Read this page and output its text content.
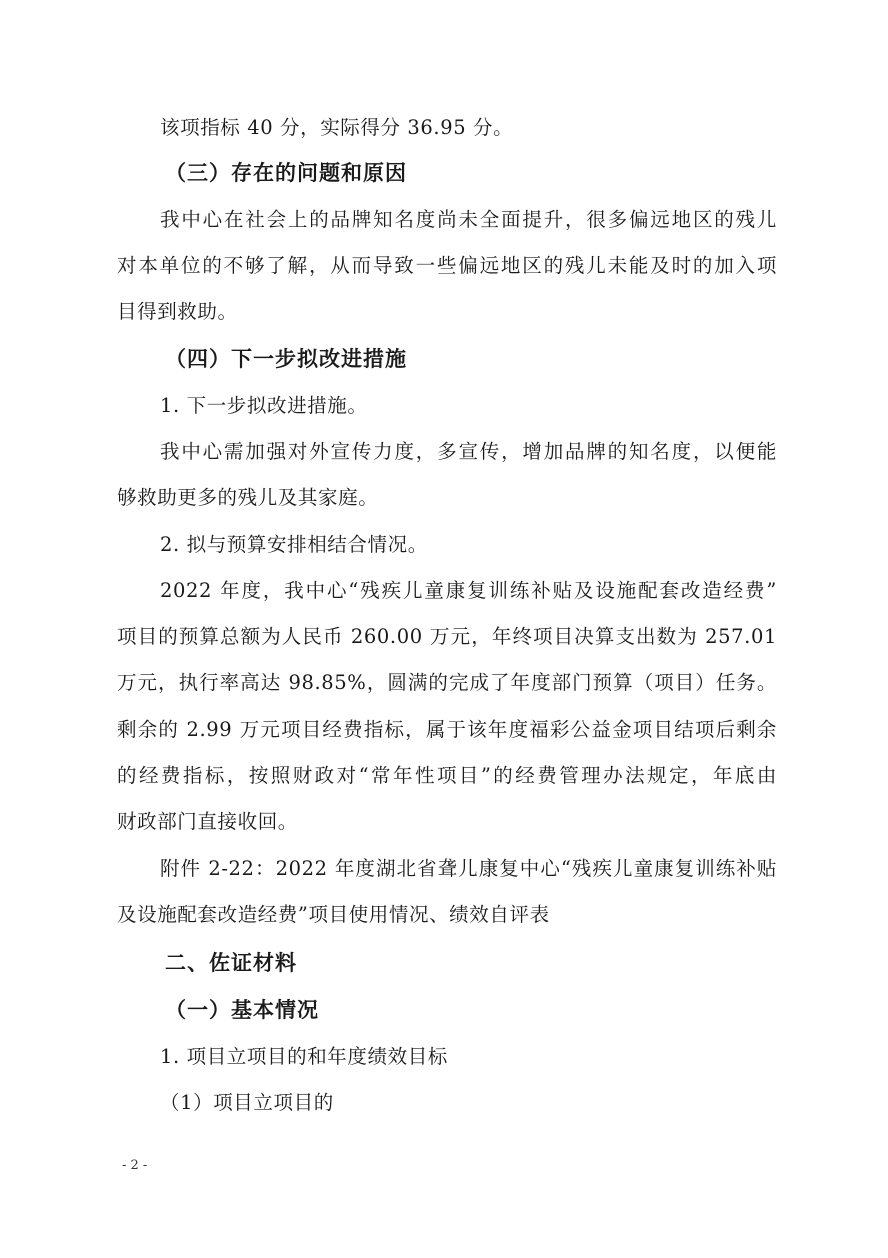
该项指标 40 分，实际得分 36.95 分。
（三）存在的问题和原因
我中心在社会上的品牌知名度尚未全面提升，很多偏远地区的残儿
对本单位的不够了解，从而导致一些偏远地区的残儿未能及时的加入项
目得到救助。
（四）下一步拟改进措施
1. 下一步拟改进措施。
我中心需加强对外宣传力度，多宣传，增加品牌的知名度，以便能
够救助更多的残儿及其家庭。
2. 拟与预算安排相结合情况。
2022 年度，我中心“残疾儿童康复训练补贴及设施配套改造经费”
项目的预算总额为人民币 260.00 万元，年终项目决算支出数为 257.01
万元，执行率高达 98.85%，圆满的完成了年度部门预算（项目）任务。
剩余的 2.99 万元项目经费指标，属于该年度福彩公益金项目结项后剩余
的经费指标，按照财政对“常年性项目”的经费管理办法规定，年底由
财政部门直接收回。
附件 2-22：2022 年度湖北省聋儿康复中心“残疾儿童康复训练补贴
及设施配套改造经费”项目使用情况、绩效自评表
二、佐证材料
（一）基本情况
1. 项目立项目的和年度绩效目标
（1）项目立项目的
- 2 -
